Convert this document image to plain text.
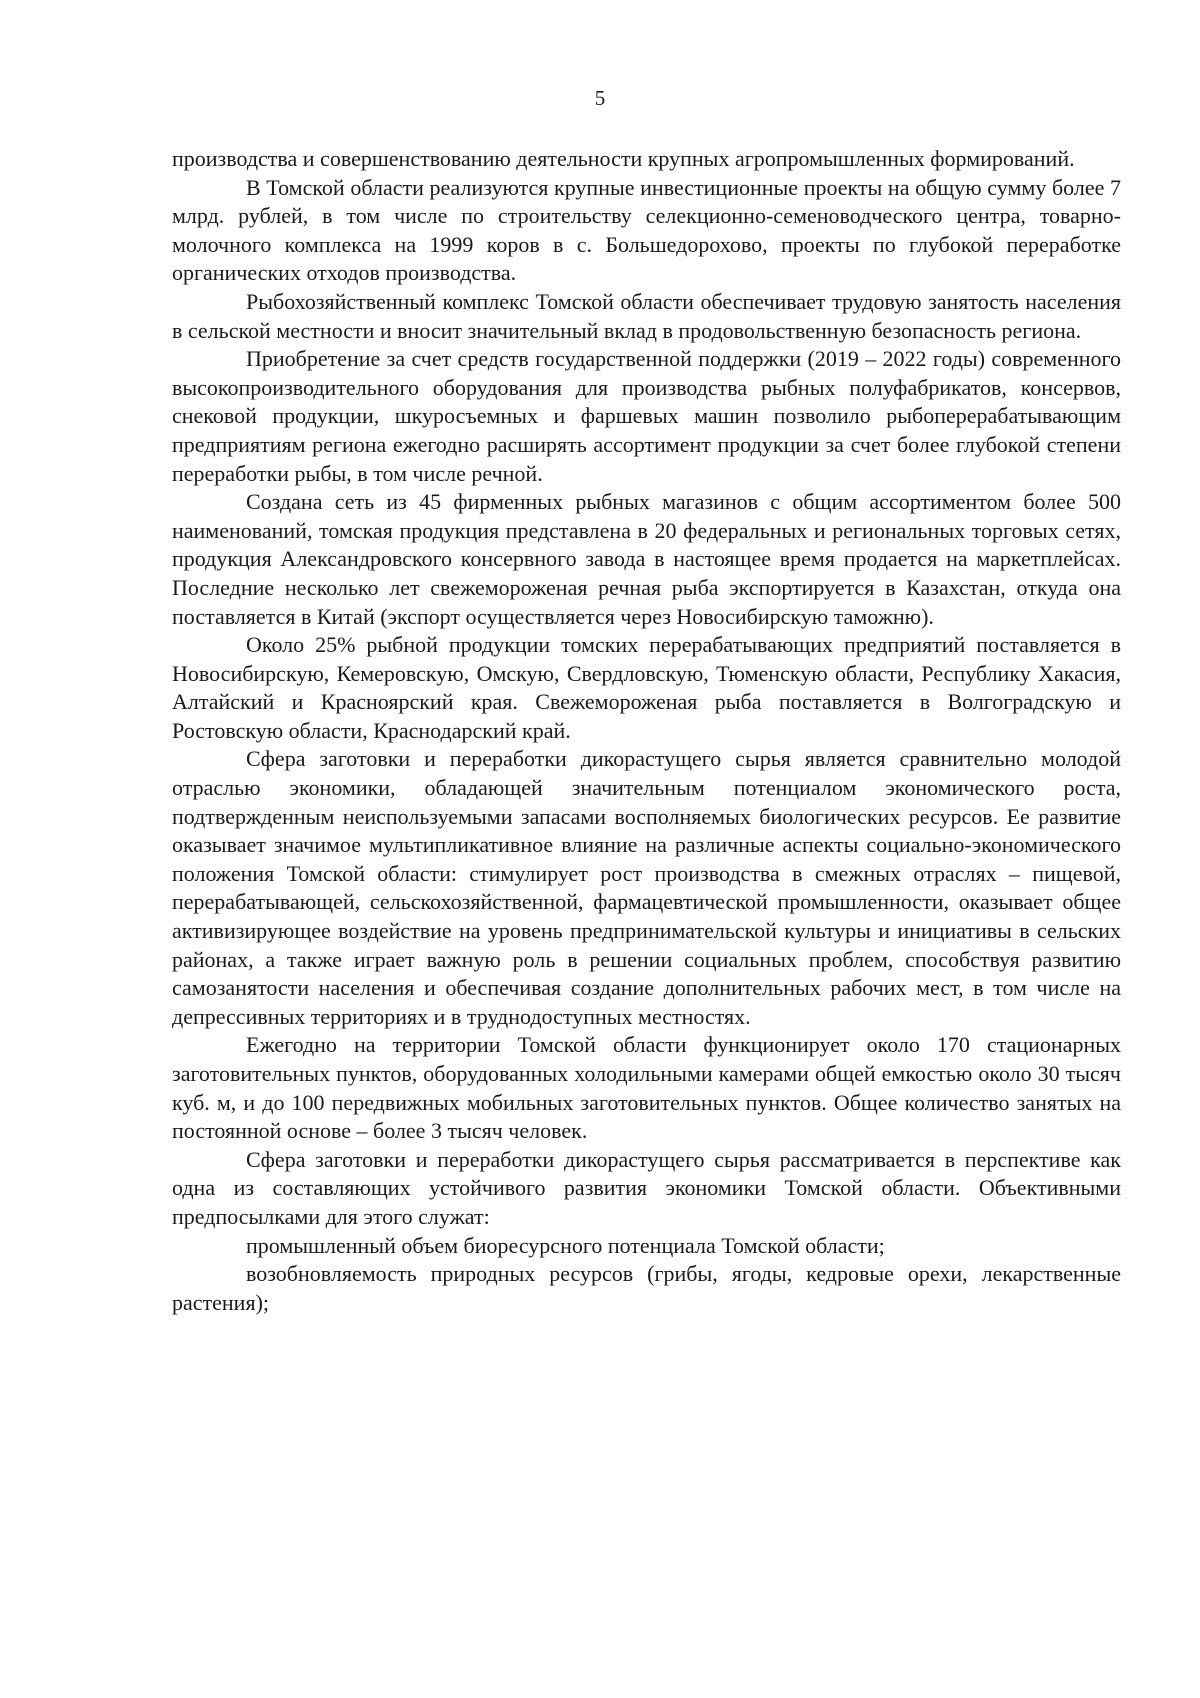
5

производства и совершенствованию деятельности крупных агропромышленных формирований.

В Томской области реализуются крупные инвестиционные проекты на общую сумму более 7 млрд. рублей, в том числе по строительству селекционно-семеноводческого центра, товарно-молочного комплекса на 1999 коров в с. Большедорохово, проекты по глубокой переработке органических отходов производства.

Рыбохозяйственный комплекс Томской области обеспечивает трудовую занятость населения в сельской местности и вносит значительный вклад в продовольственную безопасность региона.

Приобретение за счет средств государственной поддержки (2019 – 2022 годы) современного высокопроизводительного оборудования для производства рыбных полуфабрикатов, консервов, снековой продукции, шкуросъемных и фаршевых машин позволило рыбоперерабатывающим предприятиям региона ежегодно расширять ассортимент продукции за счет более глубокой степени переработки рыбы, в том числе речной.

Создана сеть из 45 фирменных рыбных магазинов с общим ассортиментом более 500 наименований, томская продукция представлена в 20 федеральных и региональных торговых сетях, продукция Александровского консервного завода в настоящее время продается на маркетплейсах. Последние несколько лет свежемороженая речная рыба экспортируется в Казахстан, откуда она поставляется в Китай (экспорт осуществляется через Новосибирскую таможню).

Около 25% рыбной продукции томских перерабатывающих предприятий поставляется в Новосибирскую, Кемеровскую, Омскую, Свердловскую, Тюменскую области, Республику Хакасия, Алтайский и Красноярский края. Свежемороженая рыба поставляется в Волгоградскую и Ростовскую области, Краснодарский край.

Сфера заготовки и переработки дикорастущего сырья является сравнительно молодой отраслью экономики, обладающей значительным потенциалом экономического роста, подтвержденным неиспользуемыми запасами восполняемых биологических ресурсов. Ее развитие оказывает значимое мультипликативное влияние на различные аспекты социально-экономического положения Томской области: стимулирует рост производства в смежных отраслях – пищевой, перерабатывающей, сельскохозяйственной, фармацевтической промышленности, оказывает общее активизирующее воздействие на уровень предпринимательской культуры и инициативы в сельских районах, а также играет важную роль в решении социальных проблем, способствуя развитию самозанятости населения и обеспечивая создание дополнительных рабочих мест, в том числе на депрессивных территориях и в труднодоступных местностях.

Ежегодно на территории Томской области функционирует около 170 стационарных заготовительных пунктов, оборудованных холодильными камерами общей емкостью около 30 тысяч куб. м, и до 100 передвижных мобильных заготовительных пунктов. Общее количество занятых на постоянной основе – более 3 тысяч человек.

Сфера заготовки и переработки дикорастущего сырья рассматривается в перспективе как одна из составляющих устойчивого развития экономики Томской области. Объективными предпосылками для этого служат:

промышленный объем биоресурсного потенциала Томской области;

возобновляемость природных ресурсов (грибы, ягоды, кедровые орехи, лекарственные растения);
